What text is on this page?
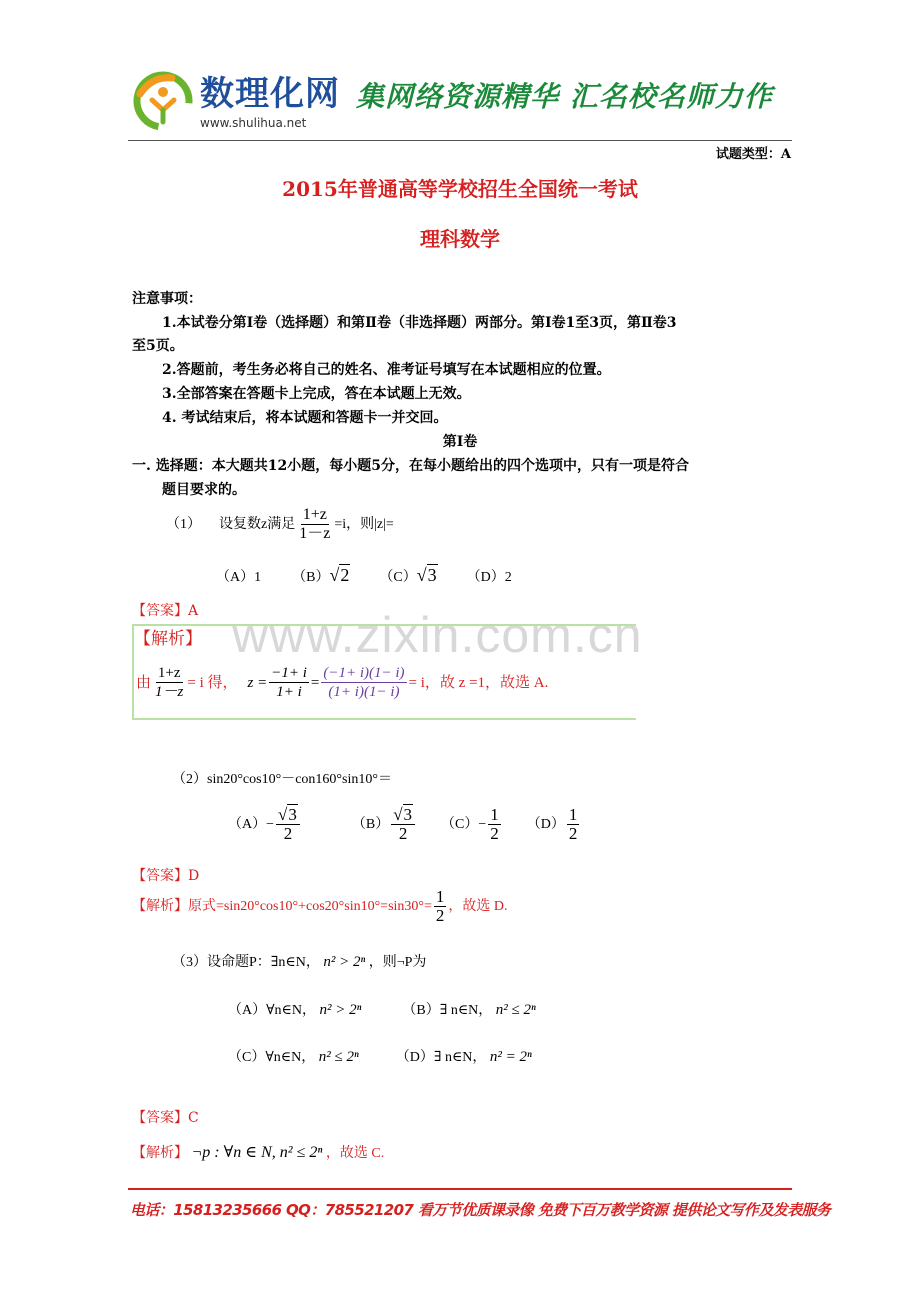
数理化网
www.shulihua.net
集网络资源精华 汇名校名师力作
试题类型：A
2015年普通高等学校招生全国统一考试
理科数学
注意事项：
1.本试卷分第Ⅰ卷（选择题）和第Ⅱ卷（非选择题）两部分。第Ⅰ卷1至3页，第Ⅱ卷3
至5页。
2.答题前，考生务必将自己的姓名、准考证号填写在本试题相应的位置。
3.全部答案在答题卡上完成，答在本试题上无效。
4. 考试结束后，将本试题和答题卡一并交回。
第Ⅰ卷
一. 选择题：本大题共12小题，每小题5分，在每小题给出的四个选项中，只有一项是符合
题目要求的。
www.zixin.com.cn
（1） 设复数z满足 $\frac{1+z}{1-z} =i$，则|z|=
（A）1 （B）√2 （C）√3 （D）2
【答案】A
【解析】
由 $\frac{1+z}{1-z} = i$ 得， $z = \frac{-1+ i}{1+ i} = \frac{(-1+ i)(1- i)}{(1+ i)(1- i)} = i$，故 z =1，故选 A.
（2）sin20°cos10°－con160°sin10°＝
$(A)- \frac{√3}{2}$	$(B) \frac{√3}{2} (C)- \frac{1}{2} (D) \frac{1}{2}$
【答案】D
【解析】 原式$=\sin 20^\circ\cos 10^\circ+\cos 20^\circ\sin 10^\circ=\sin 30^\circ= \frac{1}{2}$ ，故选 D.
（3）设命题P：∃n∈N， n² > 2ⁿ ，则¬P为
（A）∀n∈N， n² > 2ⁿ	（B）∃ n∈N， n² ≤ 2ⁿ
（C）∀n∈N， n² ≤ 2ⁿ	（D）∃ n∈N， n² = 2ⁿ
【答案】C
【解析】 ¬p : ∀n ∈ N, n² ≤ 2ⁿ ，故选 C.
电话：15813235666 QQ：785521207 看万节优质课录像 免费下百万教学资源 提供论文写作及发表服务
